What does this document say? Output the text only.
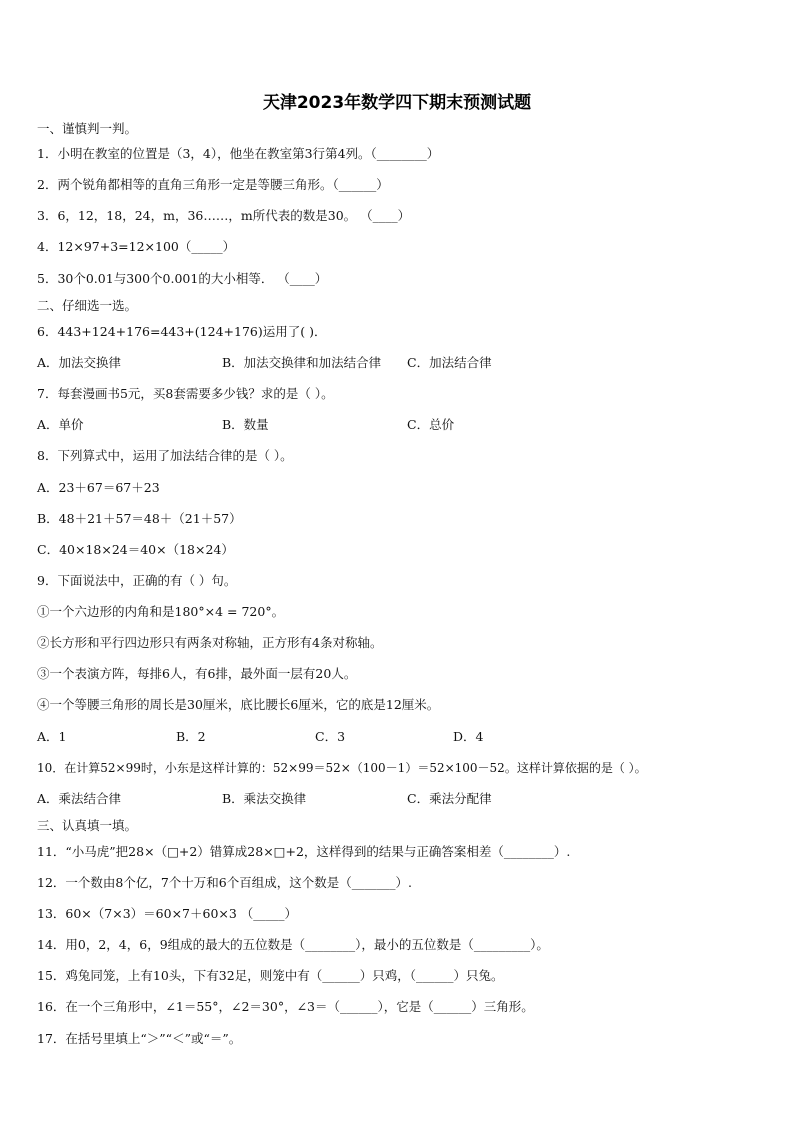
天津2023年数学四下期末预测试题
一、谨慎判一判。
1．小明在教室的位置是（3，4），他坐在教室第3行第4列。（________）
2．两个锐角都相等的直角三角形一定是等腰三角形。（______）
3．6，12，18，24，m，36……，m所代表的数是30。 （____）
4．12×97+3=12×100（_____）
5．30个0.01与300个0.001的大小相等． （____）
二、仔细选一选。
6．443+124+176=443+(124+176)运用了( )．
A．加法交换律	B．加法交换律和加法结合律 C．加法结合律
7．每套漫画书5元，买8套需要多少钱？求的是（ ）。
A．单价	B．数量	C．总价
8．下列算式中，运用了加法结合律的是（ ）。
A．23＋67＝67＋23
B．48＋21＋57＝48＋（21＋57）
C．40×18×24＝40×（18×24）
9．下面说法中，正确的有（ ）句。
①一个六边形的内角和是180°×4 = 720°。
②长方形和平行四边形只有两条对称轴，正方形有4条对称轴。
③一个表演方阵，每排6人，有6排，最外面一层有20人。
④一个等腰三角形的周长是30厘米，底比腰长6厘米，它的底是12厘米。
A．1	B．2	C．3	D．4
10．在计算52×99时，小东是这样计算的：52×99＝52×（100－1）＝52×100－52。这样计算依据的是（ ）。
A．乘法结合律	B．乘法交换律	C．乘法分配律
三、认真填一填。
11．“小马虎”把28×（□+2）错算成28×□+2，这样得到的结果与正确答案相差（________）.
12．一个数由8个亿，7个十万和6个百组成，这个数是（_______）.
13．60×（7×3）＝60×7＋60×3 （_____）
14．用0，2，4，6，9组成的最大的五位数是（________），最小的五位数是（_________）。
15．鸡兔同笼，上有10头，下有32足，则笼中有（______）只鸡，（______）只兔。
16．在一个三角形中，∠1＝55°，∠2＝30°，∠3＝（______），它是（______）三角形。
17．在括号里填上“＞”“＜”或“＝”。
